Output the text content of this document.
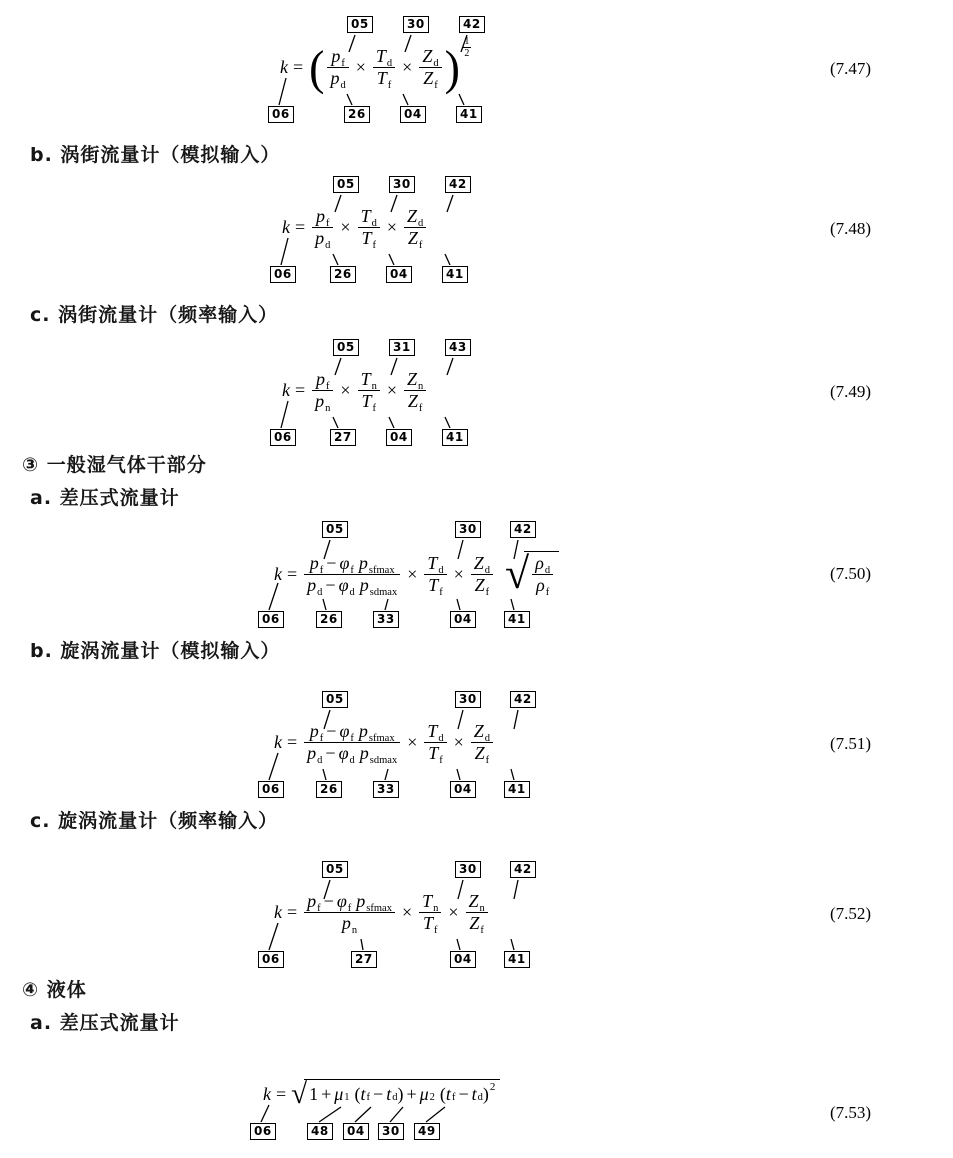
05	30	42
k = ( $\frac{p_f}{p_d} \times \frac{T_d}{T_f} \times \frac{Z_d}{Z_f}$ ) 1
2
06	26	04	41
(7.47)
b. 涡街流量计（模拟输入）
05	30	42
$k = \frac{p_f}{p_d} \times \frac{T_d}{T_f} \times \frac{Z_d}{Z_f}$
06	26	04	41
(7.48)
c. 涡街流量计（频率输入）
05	31	43
$k = \frac{p_f}{p_n} \times \frac{T_n}{T_f} \times \frac{Z_n}{Z_f}$
06	27	04	41
(7.49)
③ 一般湿气体干部分
a. 差压式流量计
05	30	42
$k = \frac{p_f - \varphi_f p_{sfmax}}{p_d - \varphi_d p_{sdmax}} \times \frac{T_d}{T_f} \times \frac{Z_d}{Z_f}$ √ $\frac{\rho_d}{\rho_f}$
06	26	33	04	41
(7.50)
b. 旋涡流量计（模拟输入）
05	30	42
$k = \frac{p_f - \varphi_f p_{sfmax}}{p_d - \varphi_d p_{sdmax}} \times \frac{T_d}{T_f} \times \frac{Z_d}{Z_f}$
06	26	33	04	41
(7.51)
c. 旋涡流量计（频率输入）
05	30	42
$k = \frac{p_f - \varphi_f p_{sfmax}}{p_n} \times \frac{T_n}{T_f} \times \frac{Z_n}{Z_f}$
06	27	04	41
(7.52)
④ 液体
a. 差压式流量计
k = √ $1 + \mu_1$ ( $t_f - t_d$ ) + $\mu_2$ ( $t_f - t_d$ ) 2
06	48	04	30	49
(7.53)
